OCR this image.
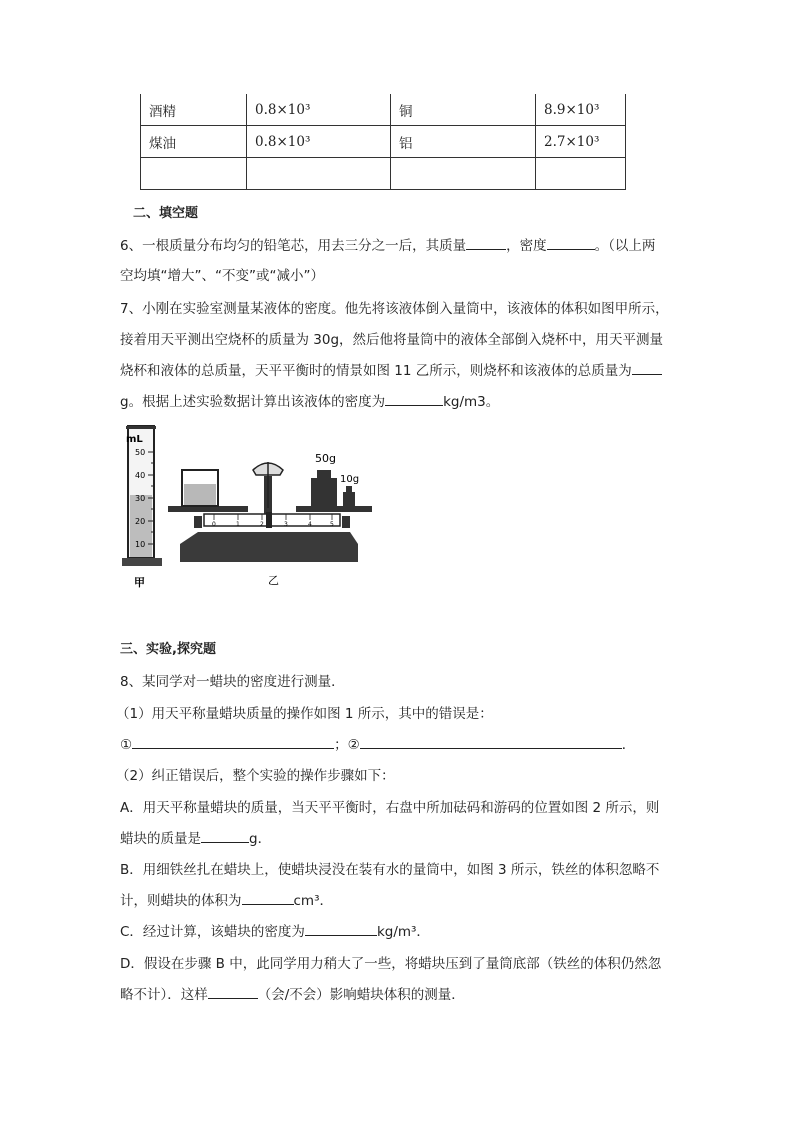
酒精	0.8×10³	铜	8.9×10³
煤油	0.8×10³	铝	2.7×10³

二、填空题
6、一根质量分布均匀的铅笔芯，用去三分之一后，其质量	，密度	。（以上两
空均填“增大”、“不变”或“减小”）
7、小刚在实验室测量某液体的密度。他先将该液体倒入量筒中，该液体的体积如图甲所示，
接着用天平测出空烧杯的质量为 30g，然后他将量筒中的液体全部倒入烧杯中，用天平测量
烧杯和液体的总质量，天平平衡时的情景如图 11 乙所示，则烧杯和该液体的总质量为
g。根据上述实验数据计算出该液体的密度为	kg/m3。
mL
50
40
30
20
10
甲
50g
10g
0	1	2	3	4	5
乙
三、实验,探究题
8、某同学对一蜡块的密度进行测量．
（1）用天平称量蜡块质量的操作如图 1 所示，其中的错误是：
①	；②	．
（2）纠正错误后，整个实验的操作步骤如下：
A．用天平称量蜡块的质量，当天平平衡时，右盘中所加砝码和游码的位置如图 2 所示，则
蜡块的质量是	g．
B．用细铁丝扎在蜡块上，使蜡块浸没在装有水的量筒中，如图 3 所示，铁丝的体积忽略不
计，则蜡块的体积为	cm³．
C．经过计算，该蜡块的密度为	kg/m³．
D．假设在步骤 B 中，此同学用力稍大了一些，将蜡块压到了量筒底部（铁丝的体积仍然忽
略不计）．这样	（会/不会）影响蜡块体积的测量．
